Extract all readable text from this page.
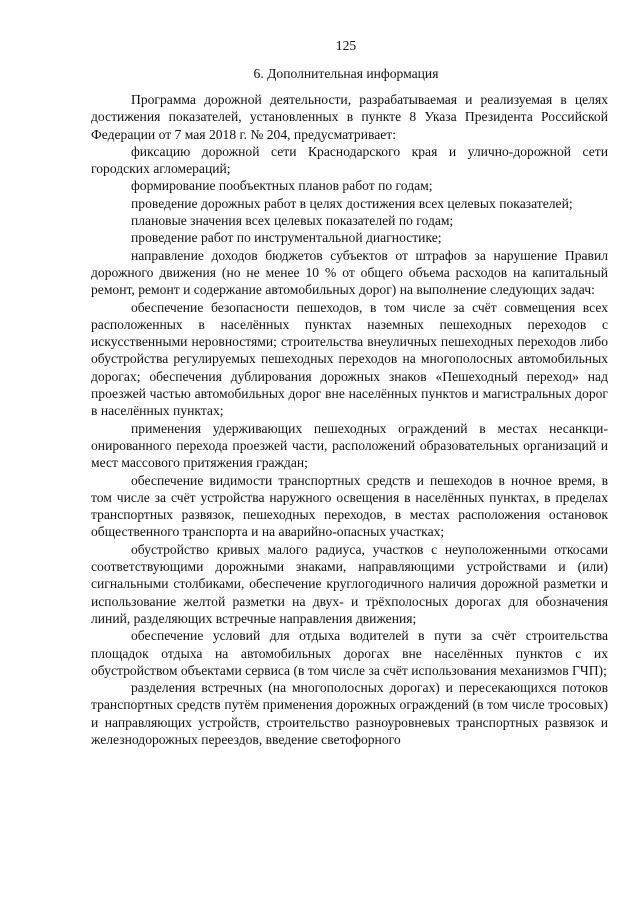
125
6. Дополнительная информация

Программа дорожной деятельности, разрабатываемая и реализуемая в целях достижения показателей, установленных в пункте 8 Указа Президента Российской Федерации от 7 мая 2018 г. № 204, предусматривает:

фиксацию дорожной сети Краснодарского края и улично-дорожной сети городских агломераций;

формирование пообъектных планов работ по годам;

проведение дорожных работ в целях достижения всех целевых показателей;

плановые значения всех целевых показателей по годам;

проведение работ по инструментальной диагностике;

направление доходов бюджетов субъектов от штрафов за нарушение Правил дорожного движения (но не менее 10 % от общего объема расходов на капитальный ремонт, ремонт и содержание автомобильных дорог) на выполнение следующих задач:

обеспечение безопасности пешеходов, в том числе за счёт совмещения всех расположенных в населённых пунктах наземных пешеходных переходов с искусственными неровностями; строительства внеуличных пешеходных переходов либо обустройства регулируемых пешеходных переходов на многополосных автомобильных дорогах; обеспечения дублирования дорожных знаков «Пешеходный переход» над проезжей частью автомобильных дорог вне населённых пунктов и магистральных дорог в населённых пунктах;

применения удерживающих пешеходных ограждений в местах несанкционированного перехода проезжей части, расположений образовательных организаций и мест массового притяжения граждан;

обеспечение видимости транспортных средств и пешеходов в ночное время, в том числе за счёт устройства наружного освещения в населённых пунктах, в пределах транспортных развязок, пешеходных переходов, в местах расположения остановок общественного транспорта и на аварийно-опасных участках;

обустройство кривых малого радиуса, участков с неуположенными откосами соответствующими дорожными знаками, направляющими устройствами и (или) сигнальными столбиками, обеспечение круглогодичного наличия дорожной разметки и использование желтой разметки на двух- и трёхполосных дорогах для обозначения линий, разделяющих встречные направления движения;

обеспечение условий для отдыха водителей в пути за счёт строительства площадок отдыха на автомобильных дорогах вне населённых пунктов с их обустройством объектами сервиса (в том числе за счёт использования механизмов ГЧП);

разделения встречных (на многополосных дорогах) и пересекающихся потоков транспортных средств путём применения дорожных ограждений (в том числе тросовых) и направляющих устройств, строительство разноуровневых транспортных развязок и железнодорожных переездов, введение светофорного
